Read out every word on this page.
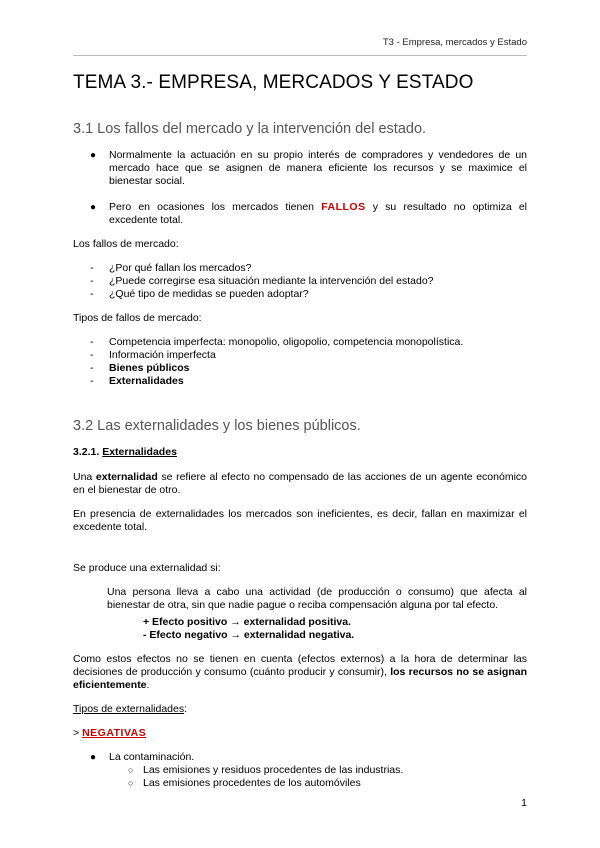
T3 - Empresa, mercados y Estado
TEMA 3.- EMPRESA, MERCADOS Y ESTADO
3.1 Los fallos del mercado y la intervención del estado.
● Normalmente la actuación en su propio interés de compradores y vendedores de un mercado hace que se asignen de manera eficiente los recursos y se maximice el bienestar social.
● Pero en ocasiones los mercados tienen FALLOS y su resultado no optimiza el excedente total.

Los fallos de mercado:

- ¿Por qué fallan los mercados?
- ¿Puede corregirse esa situación mediante la intervención del estado?
- ¿Qué tipo de medidas se pueden adoptar?

Tipos de fallos de mercado:

- Competencia imperfecta: monopolio, oligopolio, competencia monopolística.
- Información imperfecta
- Bienes públicos
- Externalidades
3.2 Las externalidades y los bienes públicos.

3.2.1. Externalidades

Una externalidad se refiere al efecto no compensado de las acciones de un agente económico en el bienestar de otro.

En presencia de externalidades los mercados son ineficientes, es decir, fallan en maximizar el excedente total.

Se produce una externalidad si:

Una persona lleva a cabo una actividad (de producción o consumo) que afecta al bienestar de otra, sin que nadie pague o reciba compensación alguna por tal efecto.

+ Efecto positivo → externalidad positiva.

- Efecto negativo → externalidad negativa.

Como estos efectos no se tienen en cuenta (efectos externos) a la hora de determinar las decisiones de producción y consumo (cuánto producir y consumir), los recursos no se asignan eficientemente.

Tipos de externalidades:

> NEGATIVAS

● La contaminación.
○ Las emisiones y residuos procedentes de las industrias.
○ Las emisiones procedentes de los automóviles
1
